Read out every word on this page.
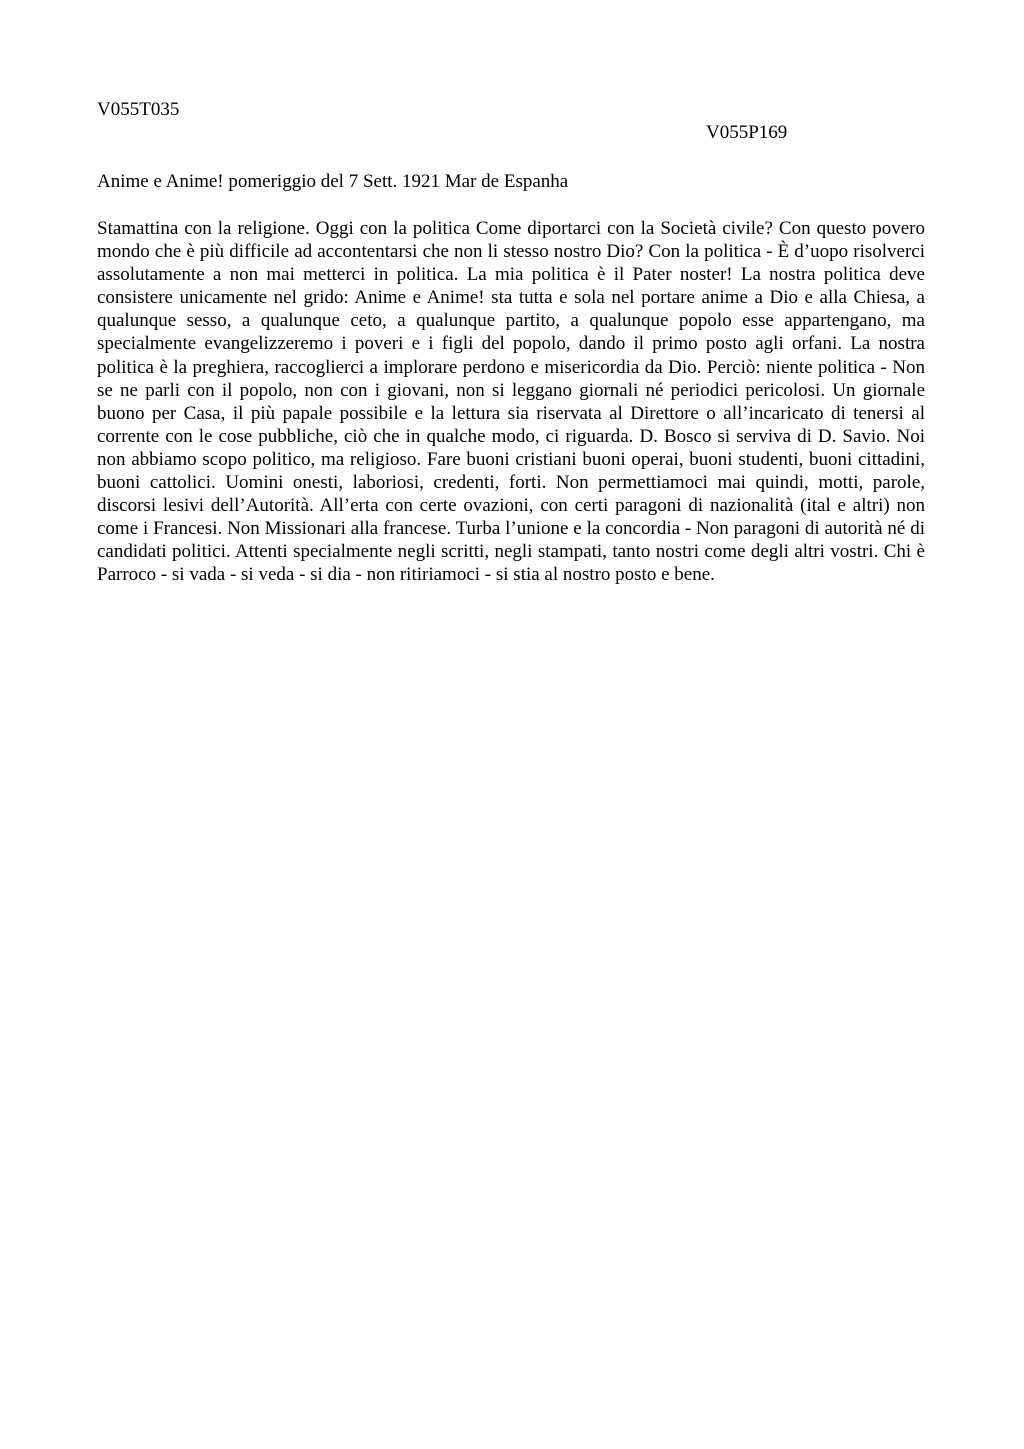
V055T035

V055P169

Anime e Anime! pomeriggio del 7 Sett. 1921 Mar de Espanha

Stamattina con la religione. Oggi con la politica Come diportarci con la Società civile? Con questo povero mondo che è più difficile ad accontentarsi che non li stesso nostro Dio? Con la politica - È d’uopo risolverci assolutamente a non mai metterci in politica. La mia politica è il Pater noster! La nostra politica deve consistere unicamente nel grido: Anime e Anime! sta tutta e sola nel portare anime a Dio e alla Chiesa, a qualunque sesso, a qualunque ceto, a qualunque partito, a qualunque popolo esse appartengano, ma specialmente evangelizzeremo i poveri e i figli del popolo, dando il primo posto agli orfani. La nostra politica è la preghiera, raccoglierci a implorare perdono e misericordia da Dio. Perciò: niente politica - Non se ne parli con il popolo, non con i giovani, non si leggano giornali né periodici pericolosi. Un giornale buono per Casa, il più papale possibile e la lettura sia riservata al Direttore o all’incaricato di tenersi al corrente con le cose pubbliche, ciò che in qualche modo, ci riguarda. D. Bosco si serviva di D. Savio. Noi non abbiamo scopo politico, ma religioso. Fare buoni cristiani buoni operai, buoni studenti, buoni cittadini, buoni cattolici. Uomini onesti, laboriosi, credenti, forti. Non permettiamoci mai quindi, motti, parole, discorsi lesivi dell’Autorità. All’erta con certe ovazioni, con certi paragoni di nazionalità (ital e altri) non come i Francesi. Non Missionari alla francese. Turba l’unione e la concordia - Non paragoni di autorità né di candidati politici. Attenti specialmente negli scritti, negli stampati, tanto nostri come degli altri vostri. Chi è Parroco - si vada - si veda - si dia - non ritiriamoci - si stia al nostro posto e bene.
